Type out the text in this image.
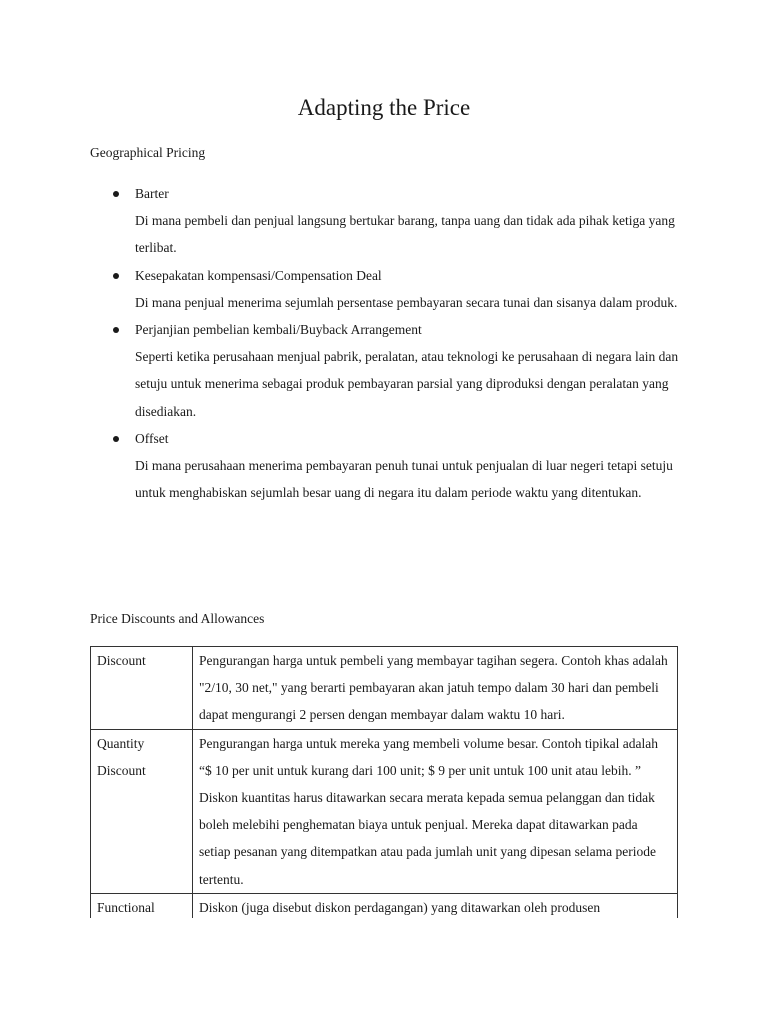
Adapting the Price

Geographical Pricing

Barter
Di mana pembeli dan penjual langsung bertukar barang, tanpa uang dan tidak ada pihak ketiga yang terlibat.
Kesepakatan kompensasi/Compensation Deal
Di mana penjual menerima sejumlah persentase pembayaran secara tunai dan sisanya dalam produk.
Perjanjian pembelian kembali/Buyback Arrangement
Seperti ketika perusahaan menjual pabrik, peralatan, atau teknologi ke perusahaan di negara lain dan setuju untuk menerima sebagai produk pembayaran parsial yang diproduksi dengan peralatan yang disediakan.
Offset
Di mana perusahaan menerima pembayaran penuh tunai untuk penjualan di luar negeri tetapi setuju untuk menghabiskan sejumlah besar uang di negara itu dalam periode waktu yang ditentukan.

Price Discounts and Allowances

Discount	Pengurangan harga untuk pembeli yang membayar tagihan segera. Contoh khas adalah "2/10, 30 net," yang berarti pembayaran akan jatuh tempo dalam 30 hari dan pembeli dapat mengurangi 2 persen dengan membayar dalam waktu 10 hari.
Quantity Discount	Pengurangan harga untuk mereka yang membeli volume besar. Contoh tipikal adalah “$ 10 per unit untuk kurang dari 100 unit; $ 9 per unit untuk 100 unit atau lebih. ” Diskon kuantitas harus ditawarkan secara merata kepada semua pelanggan dan tidak boleh melebihi penghematan biaya untuk penjual. Mereka dapat ditawarkan pada setiap pesanan yang ditempatkan atau pada jumlah unit yang dipesan selama periode tertentu.
Functional	Diskon (juga disebut diskon perdagangan) yang ditawarkan oleh produsen
